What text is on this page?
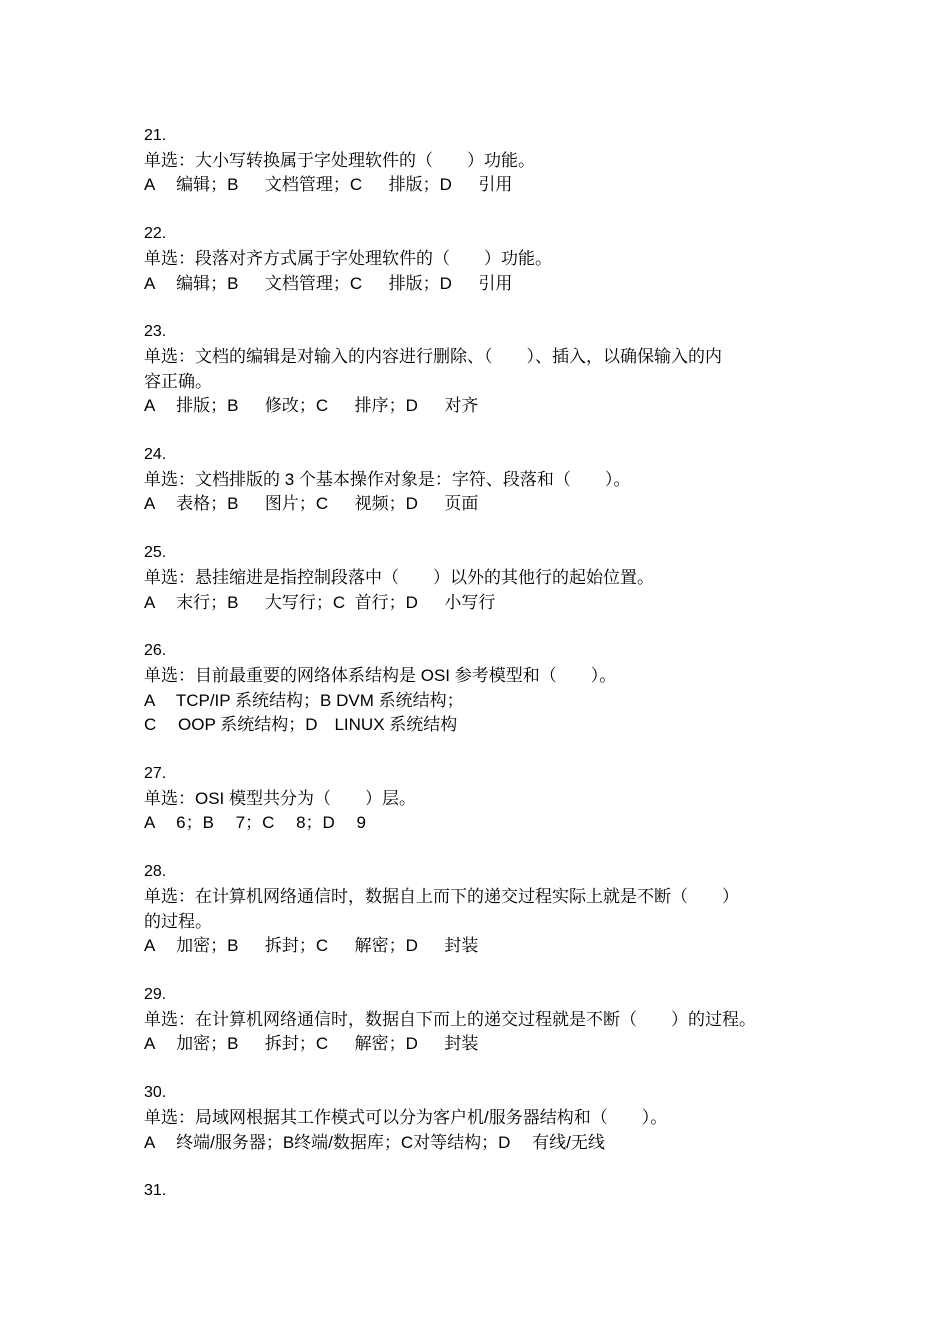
21.

单选：大小写转换属于字处理软件的（　　）功能。

A　 编辑；B　  文档管理；C　  排版；D　  引用

22.

单选：段落对齐方式属于字处理软件的（　　）功能。

A　 编辑；B　  文档管理；C　  排版；D　  引用

23.

单选：文档的编辑是对输入的内容进行删除、（　　）、插入，以确保输入的内

容正确。

A　 排版；B　  修改；C　  排序；D　  对齐

24.

单选：文档排版的 3 个基本操作对象是：字符、段落和（　　）。

A　 表格；B　  图片；C　  视频；D　  页面

25.

单选：悬挂缩进是指控制段落中（　　）以外的其他行的起始位置。

A　 末行；B　  大写行；C  首行；D　  小写行

26.

单选：目前最重要的网络体系结构是 OSI 参考模型和（　　）。

A　 TCP/IP 系统结构；B DVM 系统结构；

C　 OOP 系统结构；D　LINUX 系统结构

27.

单选：OSI 模型共分为（　　）层。

A　 6；B　 7；C　 8；D　 9

28.

单选：在计算机网络通信时，数据自上而下的递交过程实际上就是不断（　　）

的过程。

A　 加密；B　  拆封；C　  解密；D　  封装

29.

单选：在计算机网络通信时，数据自下而上的递交过程就是不断（　　）的过程。

A　 加密；B　  拆封；C　  解密；D　  封装

30.

单选：局域网根据其工作模式可以分为客户机/服务器结构和（　　）。

A　 终端/服务器；B终端/数据库；C对等结构；D　 有线/无线

31.
